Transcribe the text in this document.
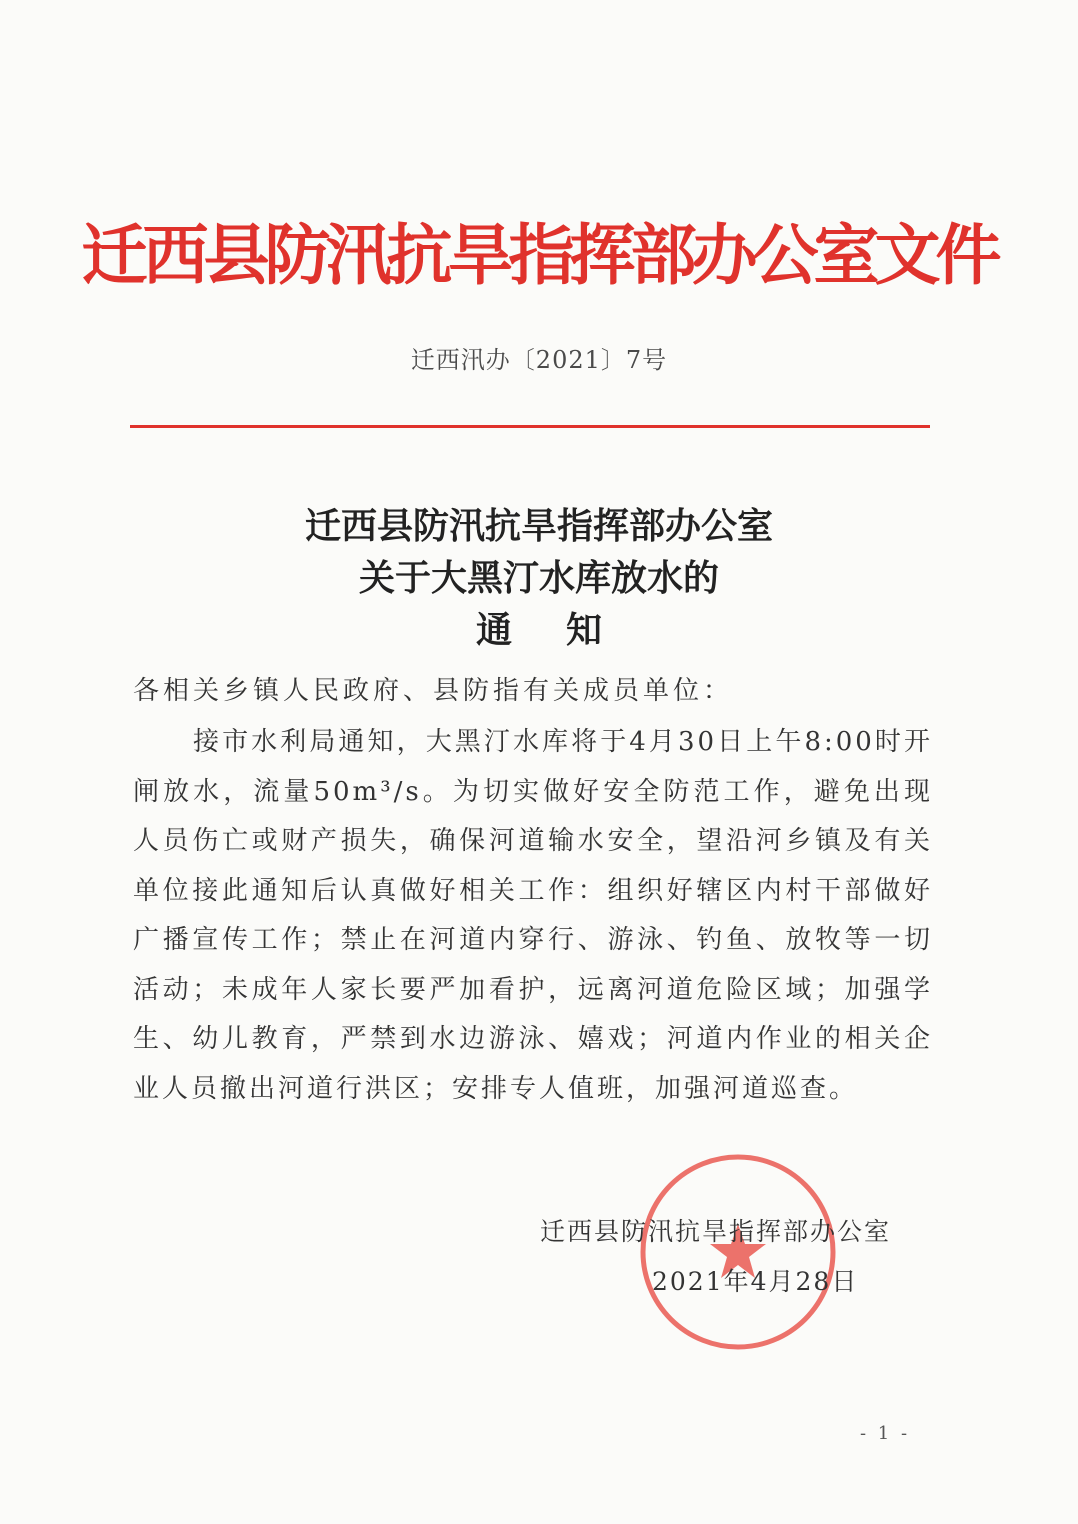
迁西县防汛抗旱指挥部办公室文件
迁西汛办〔2021〕7号
迁西县防汛抗旱指挥部办公室
关于大黑汀水库放水的
通知
各相关乡镇人民政府、县防指有关成员单位：

接市水利局通知，大黑汀水库将于4月30日上午8:00时开闸放水，流量50m³/s。为切实做好安全防范工作，避免出现人员伤亡或财产损失，确保河道输水安全，望沿河乡镇及有关单位接此通知后认真做好相关工作：组织好辖区内村干部做好广播宣传工作；禁止在河道内穿行、游泳、钓鱼、放牧等一切活动；未成年人家长要严加看护，远离河道危险区域；加强学生、幼儿教育，严禁到水边游泳、嬉戏；河道内作业的相关企业人员撤出河道行洪区；安排专人值班，加强河道巡查。

迁西县防汛抗旱指挥部办公室
2021年4月28日
- 1 -
